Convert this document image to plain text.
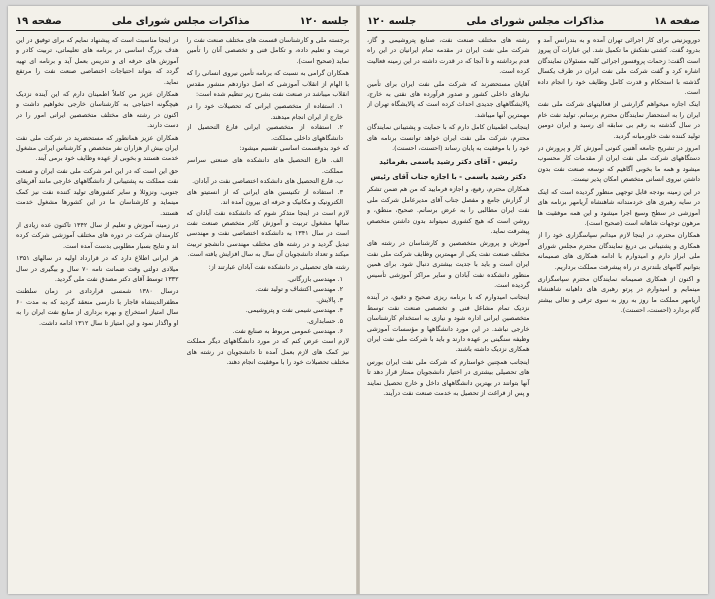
جلسه ۱۲۰
مذاکرات مجلس شورای ملی
صفحه ۱۹

برجسته ملی و کارشناسان قسمت های مختلف صنعت نفت را تربیت و تعلیم داده، و تکامل فنی و تخصصی آنان را تأمین نماید (صحیح است).

همکاران گرامی به نسبت که برنامه تأمین نیروی انسانی را که با الهام از انقلاب آموزشی که اصل دوازدهم منشور مقدس انقلاب میباشد در صنعت نفت بشرح زیر تنظیم شده است:

۱. استفاده از متخصصین ایرانی که تحصیلات خود را در خارج از ایران انجام میدهند.

۲. استفاده از متخصصین ایرانی فارغ التحصیل از دانشگاههای داخلی مملکت.

که خود بدوقسمت اساسی تقسیم میشود:

الف. فارغ التحصیل های دانشکده های صنعتی سراسر مملکت.

ب. فارغ التحصیل های دانشکده اختصاصی نفت در آبادان.

۳. استفاده از تکنیسین های ایرانی که از انستیتو های الکترونیک و مکانیک و حرفه ای بیرون آمده اند.

لازم است در اینجا متذکر شوم که دانشکده نفت آبادان که سالها مشغول تربیت و آموزش کادر متخصص صنعت نفت است در سال ۱۳۴۱ به دانشکده اختصاصی نفت و مهندسی تبدیل گردید و در رشته های مختلف مهندسی دانشجو تربیت میکند و تعداد دانشجویان آن سال به سال افزایش یافته است.

رشته های تحصیلی در دانشکده نفت آبادان عبارتند از:

۱. مهندسی بازرگانی.

۲. مهندسی اکتشاف و تولید نفت.

۳. پالایش.

۴. مهندسی شیمی نفت و پتروشیمی.

۵. حسابداری.

۶. مهندسی عمومی مربوط به صنایع نفت.

لازم است عرض کنم که در مورد دانشگاههای دیگر مملکت نیز کمک های لازم بعمل آمده تا دانشجویان در رشته های مختلف تحصیلات خود را با موفقیت انجام دهند.

در اینجا مناسبت است که پیشنهاد نمایم که برای توفیق در این هدف بزرگ اساسی در برنامه های تعلیماتی، تربیت کادر و آموزش های حرفه ای و تدریس بعمل آید و برنامه ای تهیه گردد که بتواند احتیاجات اختصاصی صنعت نفت را مرتفع نماید.

همکاران عزیز من کاملاً اطمینان دارم که این آینده نزدیک هیچگونه احتیاجی به کارشناسان خارجی نخواهیم داشت و اکنون در رشته های مختلف متخصصین ایرانی امور را در دست دارند.

همکاران عزیز همانطور که مستحضرید در شرکت ملی نفت ایران بیش از هزاران نفر متخصص و کارشناس ایرانی مشغول خدمت هستند و بخوبی از عهده وظایف خود برمی آیند.

حق این است که در این امر شرکت ملی نفت ایران و صنعت نفت مملکت به پشتیبانی از دانشگاههای خارجی مانند آفریقای جنوبی، ونزوئلا و سایر کشورهای تولید کننده نفت نیز کمک مینماید و کارشناسان ما در این کشورها مشغول خدمت هستند.

در زمینه آموزش و تعلیم از سال ۱۳۴۲ تاکنون عده زیادی از کارمندان شرکت در دوره های مختلف آموزشی شرکت کرده اند و نتایج بسیار مطلوبی بدست آمده است.

هر ایرانی اطلاع دارد که در قرارداد اولیه در سالهای ۱۳۵۱ میلادی دولتی وقت ضمانت نامه ۷۰ سال و بیگیری در سال ۱۳۳۲ توسط آقای دکتر مصدق نفت ملی گردید.

درسال ۱۳۸۰ شمسی قراردادی در زمان سلطنت مظفرالدینشاه قاجار با دارسی منعقد گردید که به مدت ۶۰ سال امتیاز استخراج و بهره برداری از منابع نفت ایران را به او واگذار نمود و این امتیاز تا سال ۱۳۱۲ ادامه داشت.

صفحه ۱۸
مذاکرات مجلس شورای ملی
جلسه ۱۲۰

دورویزنیتی برای کار اجرائی تهران آمده و به بندرانس آمد و بدرود گفت. کشتی نفتکش ما تکمیل شد. این عبارات آن پیروز است اگفت: زحمات پروفسور اجرائی کلیه مسئولان نمایندگان اشاره کرد و گفت شرکت ملی نفت ایران در ظرف یکسال گذشته با استحکام و قدرت کامل وظایف خود را انجام داده است.

اینک اجازه میخواهم گزارشی از فعالیتهای شرکت ملی نفت ایران را به استحضار نمایندگان محترم برسانم. تولید نفت خام در سال گذشته به رقم بی سابقه ای رسید و ایران دومین تولید کننده نفت خاورمیانه گردید.

امروز در تشریح جامعه آهنین کنونی آموزش کار و پرورش در دستگاههای شرکت ملی نفت ایران از مقدمات کار محسوب میشود و همه ما بخوبی آگاهیم که توسعه صنعت نفت بدون داشتن نیروی انسانی متخصص امکان پذیر نیست.

در این زمینه بودجه قابل توجهی منظور گردیده است که اینک در سایه رهبری های خردمندانه شاهنشاه آریامهر برنامه های آموزشی در سطح وسیع اجرا میشود و این همه موفقیت ها مرهون توجهات شاهانه است (صحیح است).

همکاران محترم، در اینجا لازم میدانم سپاسگزاری خود را از همکاری و پشتیبانی بی دریغ نمایندگان محترم مجلس شورای ملی ابراز دارم و امیدوارم با ادامه همکاری های صمیمانه بتوانیم گامهای بلندتری در راه پیشرفت مملکت برداریم.

و اکنون از همکاری صمیمانه نمایندگان محترم سپاسگزاری مینمایم و امیدوارم در پرتو رهبری های داهیانه شاهنشاه آریامهر مملکت ما روز به روز به سوی ترقی و تعالی بیشتر گام بردارد (احسنت، احسنت).

رشته های مختلف صنعت نفت، صنایع پتروشیمی و گاز، شرکت ملی نفت ایران در مقدمه تمام ایرانیان در این راه قدم برداشته و تا آنجا که در قدرت داشته در این زمینه فعالیت کرده است.

آقایان مستحضرند که شرکت ملی نفت ایران برای تأمین نیازهای داخلی کشور و صدور فرآورده های نفتی به خارج، پالایشگاههای جدیدی احداث کرده است که پالایشگاه تهران از مهمترین آنها میباشد.

اینجانب اطمینان کامل دارم که با حمایت و پشتیبانی نمایندگان محترم، شرکت ملی نفت ایران خواهد توانست برنامه های خود را با موفقیت به پایان رساند (احسنت، احسنت).

رئیس - آقای دکتر رشید یاسمی بفرمائید

دکتر رشید یاسمی - با اجازه جناب آقای رئیس

همکاران محترم، رفیع، و اجازه فرمایید که من هم ضمن تشکر از گزارش جامع و مفصل جناب آقای مدیرعامل شرکت ملی نفت ایران مطالبی را به عرض برسانم. صحیح، منطق، و روشن است که هیچ کشوری نمیتواند بدون داشتن متخصص پیشرفت نماید.

آموزش و پرورش متخصصین و کارشناسان در رشته های مختلف صنعت نفت یکی از مهمترین وظایف شرکت ملی نفت ایران است و باید با جدیت بیشتری دنبال شود. برای همین منظور دانشکده نفت آبادان و سایر مراکز آموزشی تأسیس گردیده است.

اینجانب امیدوارم که با برنامه ریزی صحیح و دقیق، در آینده نزدیک تمام مشاغل فنی و تخصصی صنعت نفت توسط متخصصین ایرانی اداره شود و نیازی به استخدام کارشناسان خارجی نباشد. در این مورد دانشگاهها و مؤسسات آموزشی وظیفه سنگینی بر عهده دارند و باید با شرکت ملی نفت ایران همکاری نزدیک داشته باشند.

اینجانب همچنین خواستارم که شرکت ملی نفت ایران بورس های تحصیلی بیشتری در اختیار دانشجویان ممتاز قرار دهد تا آنها بتوانند در بهترین دانشگاههای داخل و خارج تحصیل نمایند و پس از فراغت از تحصیل به خدمت صنعت نفت درآیند.
